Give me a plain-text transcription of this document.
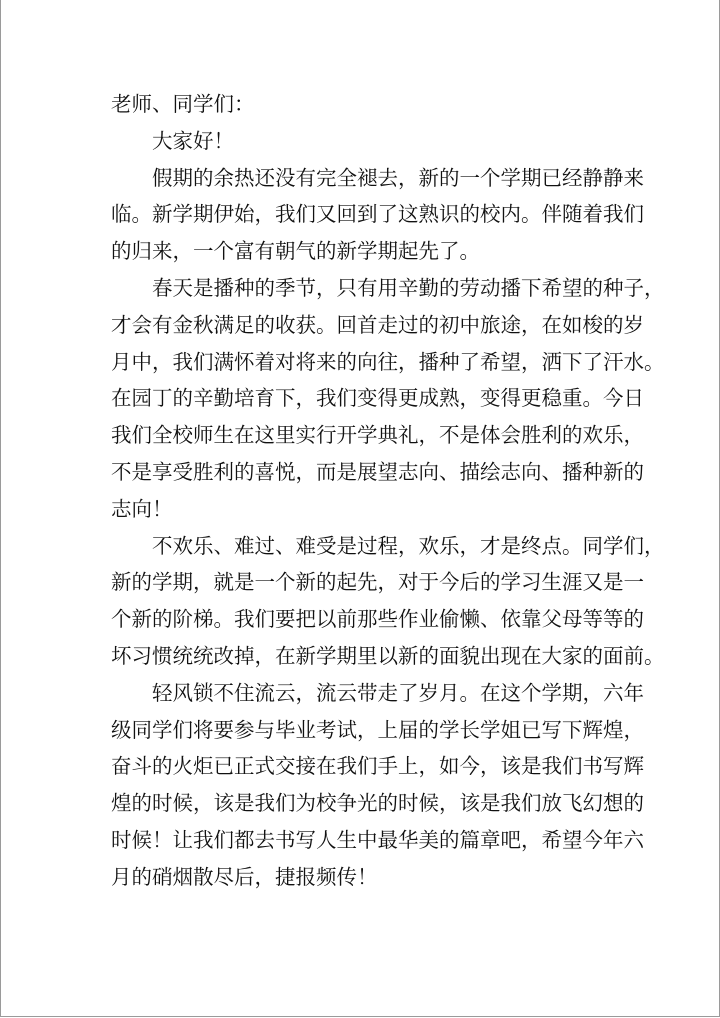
老师、同学们：

大家好！

假期的余热还没有完全褪去，新的一个学期已经静静来
临。新学期伊始，我们又回到了这熟识的校内。伴随着我们
的归来，一个富有朝气的新学期起先了。

春天是播种的季节，只有用辛勤的劳动播下希望的种子，
才会有金秋满足的收获。回首走过的初中旅途，在如梭的岁
月中，我们满怀着对将来的向往，播种了希望，洒下了汗水。
在园丁的辛勤培育下，我们变得更成熟，变得更稳重。今日
我们全校师生在这里实行开学典礼，不是体会胜利的欢乐，
不是享受胜利的喜悦，而是展望志向、描绘志向、播种新的
志向！

不欢乐、难过、难受是过程，欢乐，才是终点。同学们，
新的学期，就是一个新的起先，对于今后的学习生涯又是一
个新的阶梯。我们要把以前那些作业偷懒、依靠父母等等的
坏习惯统统改掉，在新学期里以新的面貌出现在大家的面前。

轻风锁不住流云，流云带走了岁月。在这个学期，六年
级同学们将要参与毕业考试，上届的学长学姐已写下辉煌，
奋斗的火炬已正式交接在我们手上，如今，该是我们书写辉
煌的时候，该是我们为校争光的时候，该是我们放飞幻想的
时候！让我们都去书写人生中最华美的篇章吧，希望今年六
月的硝烟散尽后，捷报频传！
